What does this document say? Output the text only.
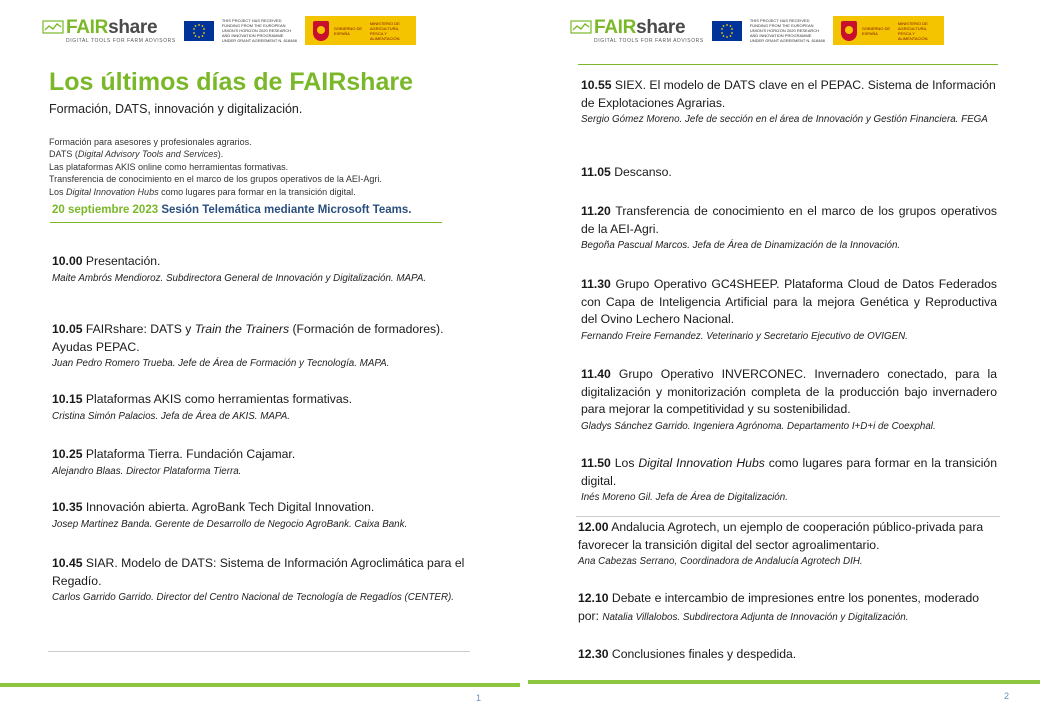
FAIRshare
DIGITAL TOOLS FOR FARM ADVISORS
THIS PROJECT HAS RECEIVED FUNDING FROM THE EUROPEAN UNION'S HORIZON 2020 RESEARCH AND INNOVATION PROGRAMME UNDER GRANT AGREEMENT N. 818488
GOBIERNO DE ESPAÑA
MINISTERIO DE AGRICULTURA, PESCA Y ALIMENTACIÓN
Los últimos días de FAIRshare
Formación, DATS, innovación y digitalización.
Formación para asesores y profesionales agrarios.
DATS (Digital Advisory Tools and Services).
Las plataformas AKIS online como herramientas formativas.
Transferencia de conocimiento en el marco de los grupos operativos de la AEI-Agri.
Los Digital Innovation Hubs como lugares para formar en la transición digital.
20 septiembre 2023 Sesión Telemática mediante Microsoft Teams.
10.00 Presentación.
Maite Ambrós Mendioroz. Subdirectora General de Innovación y Digitalización. MAPA.
10.05 FAIRshare: DATS y Train the Trainers (Formación de formadores). Ayudas PEPAC.
Juan Pedro Romero Trueba. Jefe de Área de Formación y Tecnología. MAPA.
10.15 Plataformas AKIS como herramientas formativas.
Cristina Simón Palacios. Jefa de Área de AKIS. MAPA.
10.25 Plataforma Tierra. Fundación Cajamar.
Alejandro Blaas. Director Plataforma Tierra.
10.35 Innovación abierta. AgroBank Tech Digital Innovation.
Josep Martinez Banda. Gerente de Desarrollo de Negocio AgroBank. Caixa Bank.
10.45 SIAR. Modelo de DATS: Sistema de Información Agroclimática para el Regadío.
Carlos Garrido Garrido. Director del Centro Nacional de Tecnología de Regadíos (CENTER).
1
FAIRshare
DIGITAL TOOLS FOR FARM ADVISORS
THIS PROJECT HAS RECEIVED FUNDING FROM THE EUROPEAN UNION'S HORIZON 2020 RESEARCH AND INNOVATION PROGRAMME UNDER GRANT AGREEMENT N. 818488
GOBIERNO DE ESPAÑA
MINISTERIO DE AGRICULTURA, PESCA Y ALIMENTACIÓN
10.55 SIEX. El modelo de DATS clave en el PEPAC. Sistema de Información de Explotaciones Agrarias.
Sergio Gómez Moreno. Jefe de sección en el área de Innovación y Gestión Financiera. FEGA
11.05 Descanso.
11.20 Transferencia de conocimiento en el marco de los grupos operativos de la AEI-Agri.
Begoña Pascual Marcos. Jefa de Área de Dinamización de la Innovación.
11.30 Grupo Operativo GC4SHEEP. Plataforma Cloud de Datos Federados con Capa de Inteligencia Artificial para la mejora Genética y Reproductiva del Ovino Lechero Nacional.
Fernando Freire Fernandez. Veterinario y Secretario Ejecutivo de OVIGEN.
11.40 Grupo Operativo INVERCONEC. Invernadero conectado, para la digitalización y monitorización completa de la producción bajo invernadero para mejorar la competitividad y su sostenibilidad.
Gladys Sánchez Garrido. Ingeniera Agrónoma. Departamento I+D+i de Coexphal.
11.50 Los Digital Innovation Hubs como lugares para formar en la transición digital.
Inés Moreno Gil. Jefa de Área de Digitalización.
12.00 Andalucia Agrotech, un ejemplo de cooperación público-privada para favorecer la transición digital del sector agroalimentario.
Ana Cabezas Serrano, Coordinadora de Andalucía Agrotech DIH.
12.10 Debate e intercambio de impresiones entre los ponentes, moderado
por: Natalia Villalobos. Subdirectora Adjunta de Innovación y Digitalización.
12.30 Conclusiones finales y despedida.
2
